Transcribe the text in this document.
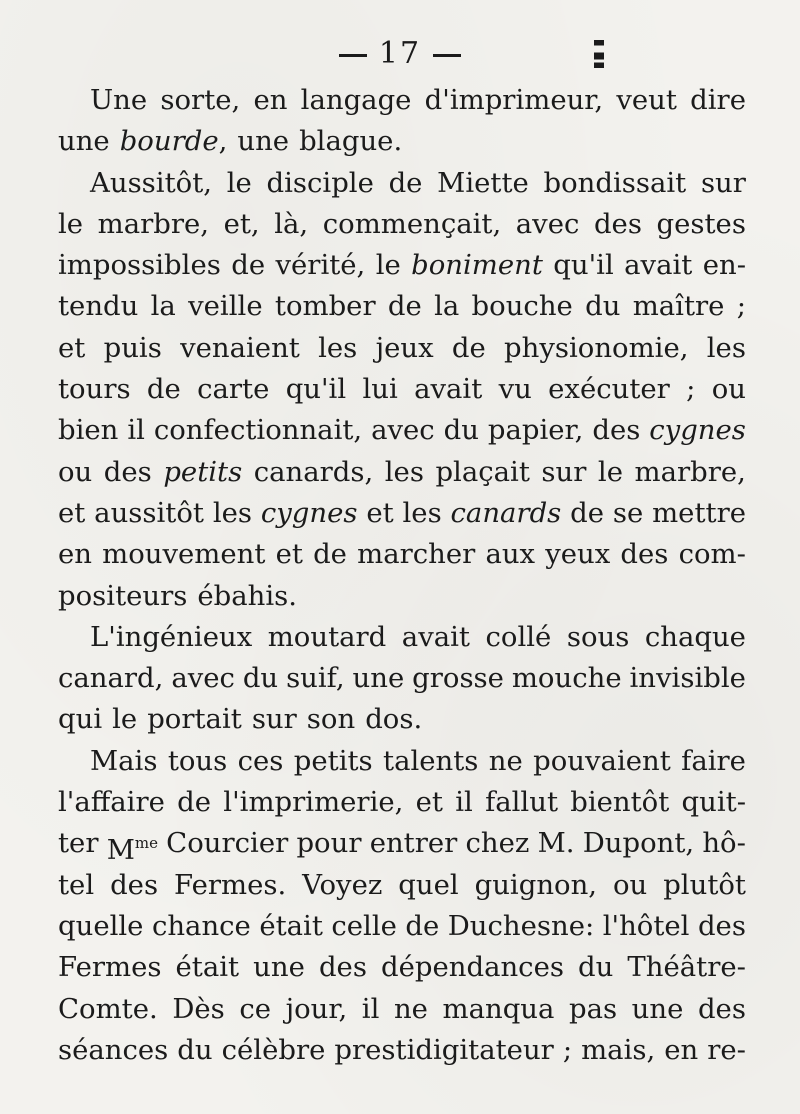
17
Une sorte, en langage d'imprimeur, veut dire
une bourde, une blague.
Aussitôt, le disciple de Miette bondissait sur
le marbre, et, là, commençait, avec des gestes
impossibles de vérité, le boniment qu'il avait en-
tendu la veille tomber de la bouche du maître ;
et puis venaient les jeux de physionomie, les
tours de carte qu'il lui avait vu exécuter ; ou
bien il confectionnait, avec du papier, des cygnes
ou des petits canards, les plaçait sur le marbre,
et aussitôt les cygnes et les canards de se mettre
en mouvement et de marcher aux yeux des com-
positeurs ébahis.
L'ingénieux moutard avait collé sous chaque
canard, avec du suif, une grosse mouche invisible
qui le portait sur son dos.
Mais tous ces petits talents ne pouvaient faire
l'affaire de l'imprimerie, et il fallut bientôt quit-
ter $M^{me}$ Courcier pour entrer chez M. Dupont, hô-
tel des Fermes. Voyez quel guignon, ou plutôt
quelle chance était celle de Duchesne: l'hôtel des
Fermes était une des dépendances du Théâtre-
Comte. Dès ce jour, il ne manqua pas une des
séances du célèbre prestidigitateur ; mais, en re-
